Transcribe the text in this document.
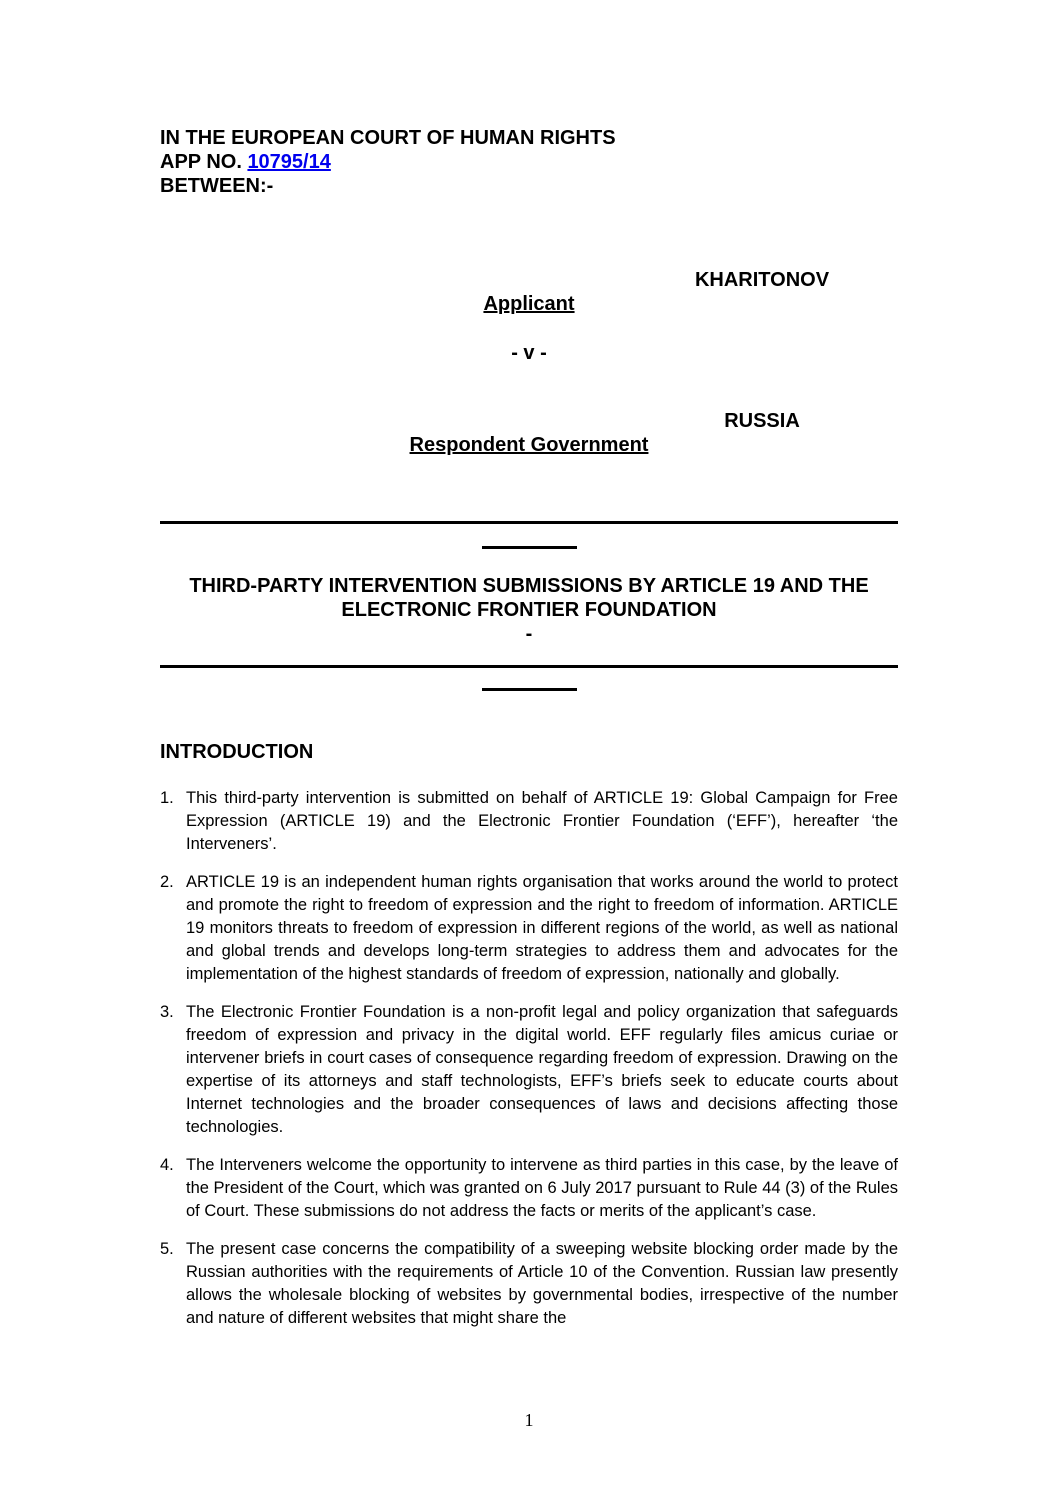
IN THE EUROPEAN COURT OF HUMAN RIGHTS
APP NO. 10795/14
BETWEEN:-
KHARITONOV
Applicant
- v -
RUSSIA
Respondent Government
THIRD-PARTY INTERVENTION SUBMISSIONS BY ARTICLE 19 AND THE ELECTRONIC FRONTIER FOUNDATION
-
INTRODUCTION
1. This third-party intervention is submitted on behalf of ARTICLE 19: Global Campaign for Free Expression (ARTICLE 19) and the Electronic Frontier Foundation (‘EFF’), hereafter ‘the Interveners’.
2. ARTICLE 19 is an independent human rights organisation that works around the world to protect and promote the right to freedom of expression and the right to freedom of information. ARTICLE 19 monitors threats to freedom of expression in different regions of the world, as well as national and global trends and develops long-term strategies to address them and advocates for the implementation of the highest standards of freedom of expression, nationally and globally.
3. The Electronic Frontier Foundation is a non-profit legal and policy organization that safeguards freedom of expression and privacy in the digital world. EFF regularly files amicus curiae or intervener briefs in court cases of consequence regarding freedom of expression. Drawing on the expertise of its attorneys and staff technologists, EFF’s briefs seek to educate courts about Internet technologies and the broader consequences of laws and decisions affecting those technologies.
4. The Interveners welcome the opportunity to intervene as third parties in this case, by the leave of the President of the Court, which was granted on 6 July 2017 pursuant to Rule 44 (3) of the Rules of Court. These submissions do not address the facts or merits of the applicant’s case.
5. The present case concerns the compatibility of a sweeping website blocking order made by the Russian authorities with the requirements of Article 10 of the Convention. Russian law presently allows the wholesale blocking of websites by governmental bodies, irrespective of the number and nature of different websites that might share the
1
